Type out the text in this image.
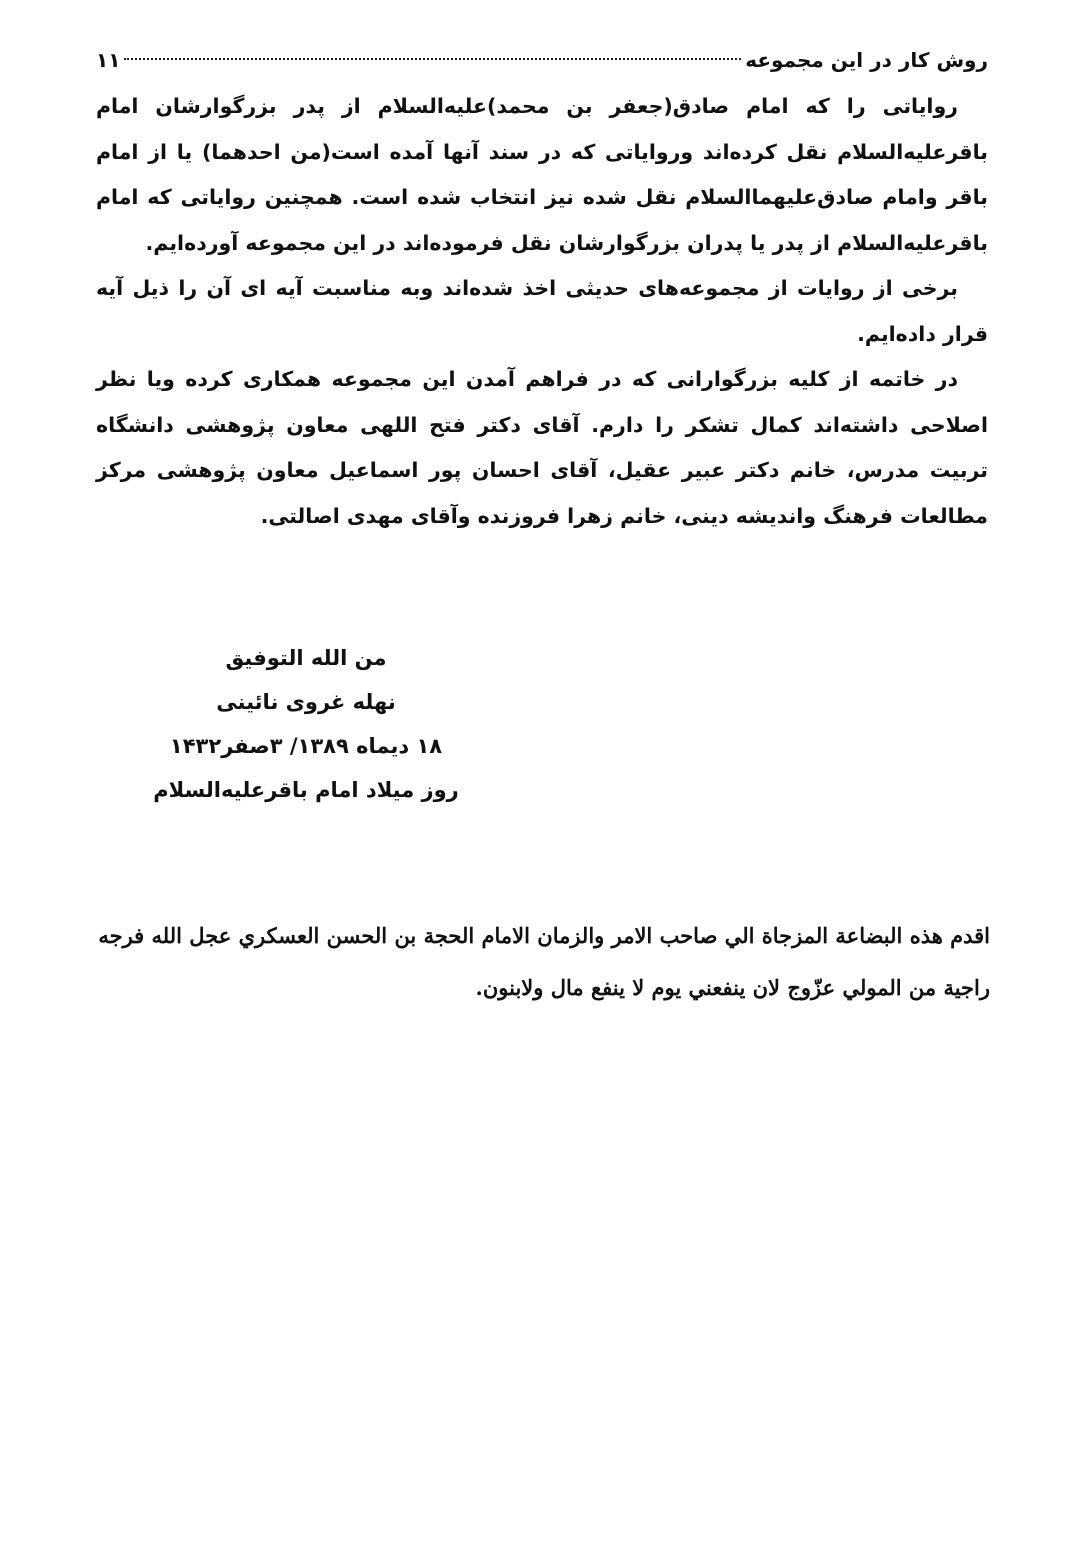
روش کار در این مجموعه
۱۱

روایاتی را که امام صادق(جعفر بن محمد)علیه‌السلام از پدر بزرگوارشان امام باقرعلیه‌السلام نقل کرده‌اند وروایاتی که در سند آنها آمده است(من احدهما) یا از امام باقر وامام صادق‌علیهما‌السلام نقل شده نیز انتخاب شده است. همچنین روایاتی که امام باقرعلیه‌السلام از پدر یا پدران بزرگوارشان نقل فرموده‌اند در این مجموعه آورده‌ایم.

برخی از روایات از مجموعه‌های حدیثی اخذ شده‌اند وبه مناسبت آیه ای آن را ذیل آیه قرار داده‌ایم.

در خاتمه از کلیه بزرگوارانی که در فراهم آمدن این مجموعه همکاری کرده ویا نظر اصلاحی داشته‌اند کمال تشکر را دارم. آقای دکتر فتح اللهی معاون پژوهشی دانشگاه تربیت مدرس، خانم دکتر عبیر عقیل، آقای احسان پور اسماعیل معاون پژوهشی مرکز مطالعات فرهنگ واندیشه دینی، خانم زهرا فروزنده وآقای مهدی اصالتی.

من الله التوفیق
نهله غروی نائینی
۱۸ دیماه ۱۳۸۹/ ۳صفر۱۴۳۲
روز میلاد امام باقرعلیه‌السلام
اقدم هذه البضاعة المزجاة الي صاحب الامر والزمان الامام الحجة بن الحسن العسكري عجل الله فرجه
راجية من المولي عزّوج لان ينفعني يوم لا ينفع مال ولابنون.
